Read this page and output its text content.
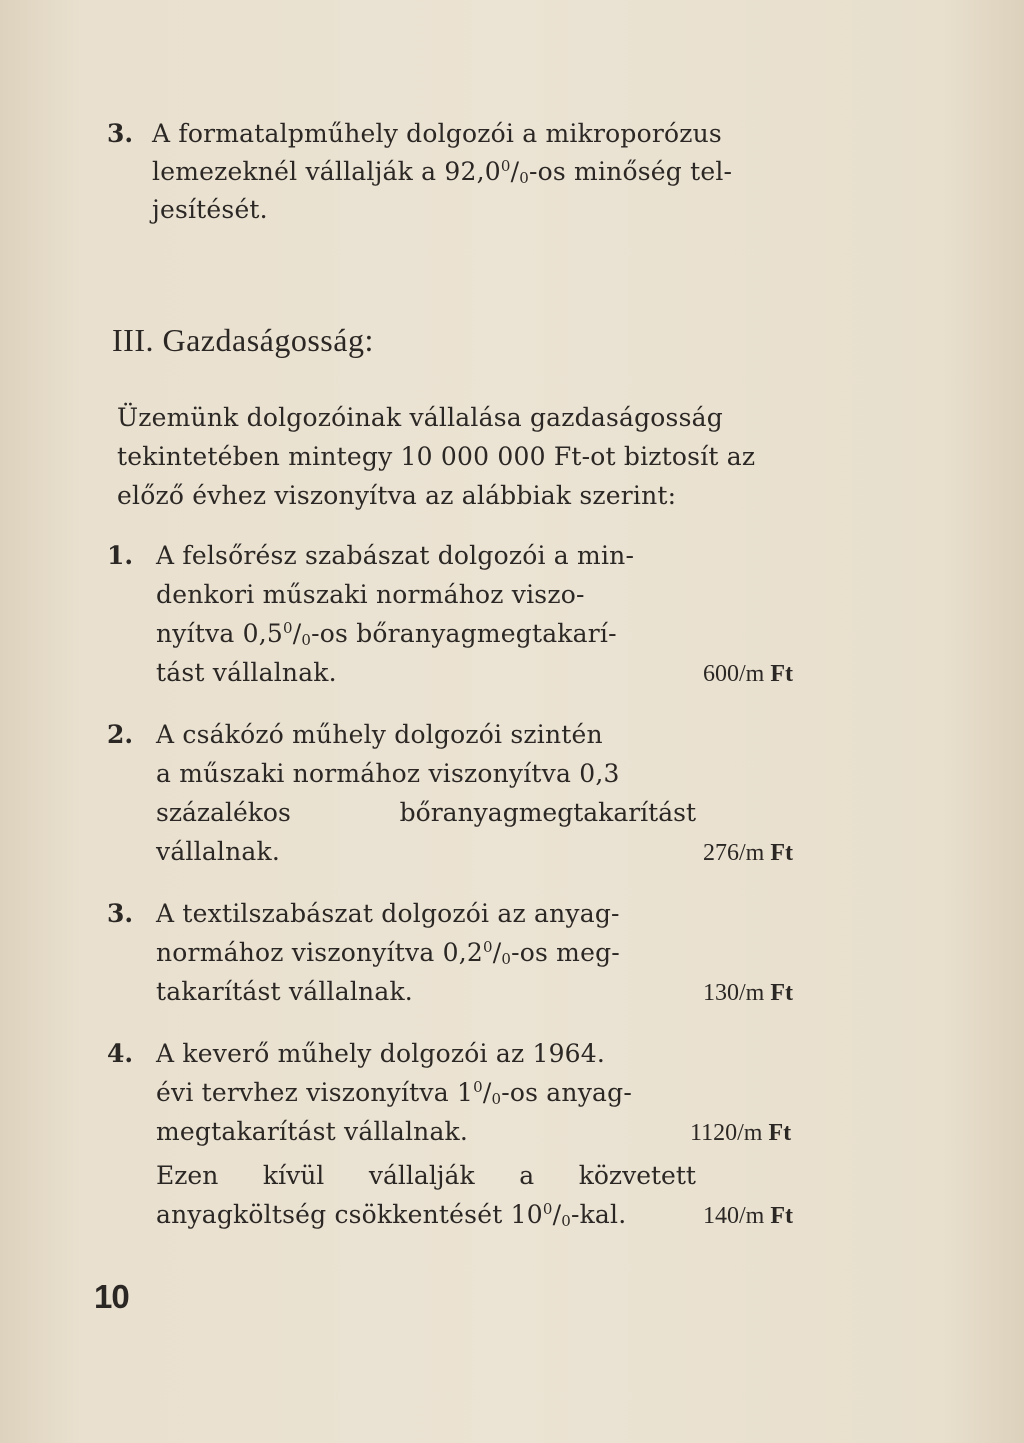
3. A formatalpműhely dolgozói a mikroporózus
lemezeknél vállalják a $92,0^0/_0-os$ minőség tel-
jesítését.
III. Gazdaságosság:
Üzemünk dolgozóinak vállalása gazdaságosság
tekintetében mintegy 10 000 000 Ft-ot biztosít az
előző évhez viszonyítva az alábbiak szerint:
1. A felsőrész szabászat dolgozói a min-
denkori műszaki normához viszo-
nyítva $0,5^0/_0-os$ bőranyagmegtakarí-
tást vállalnak.	600/m Ft
2. A csákózó műhely dolgozói szintén
a műszaki normához viszonyítva 0,3
százalékos	bőranyagmegtakarítást
vállalnak.	276/m Ft
3. A textilszabászat dolgozói az anyag-
normához viszonyítva $0,2^0/_0-os$ meg-
takarítást vállalnak.	130/m Ft
4. A keverő műhely dolgozói az 1964.
évi tervhez viszonyítva $1^0/_0-os$ anyag-
megtakarítást vállalnak.	1120/m Ft
Ezen kívül vállalják a közvetett
anyagköltség csökkentését $10^0/_0$-kal.	140/m Ft
10
